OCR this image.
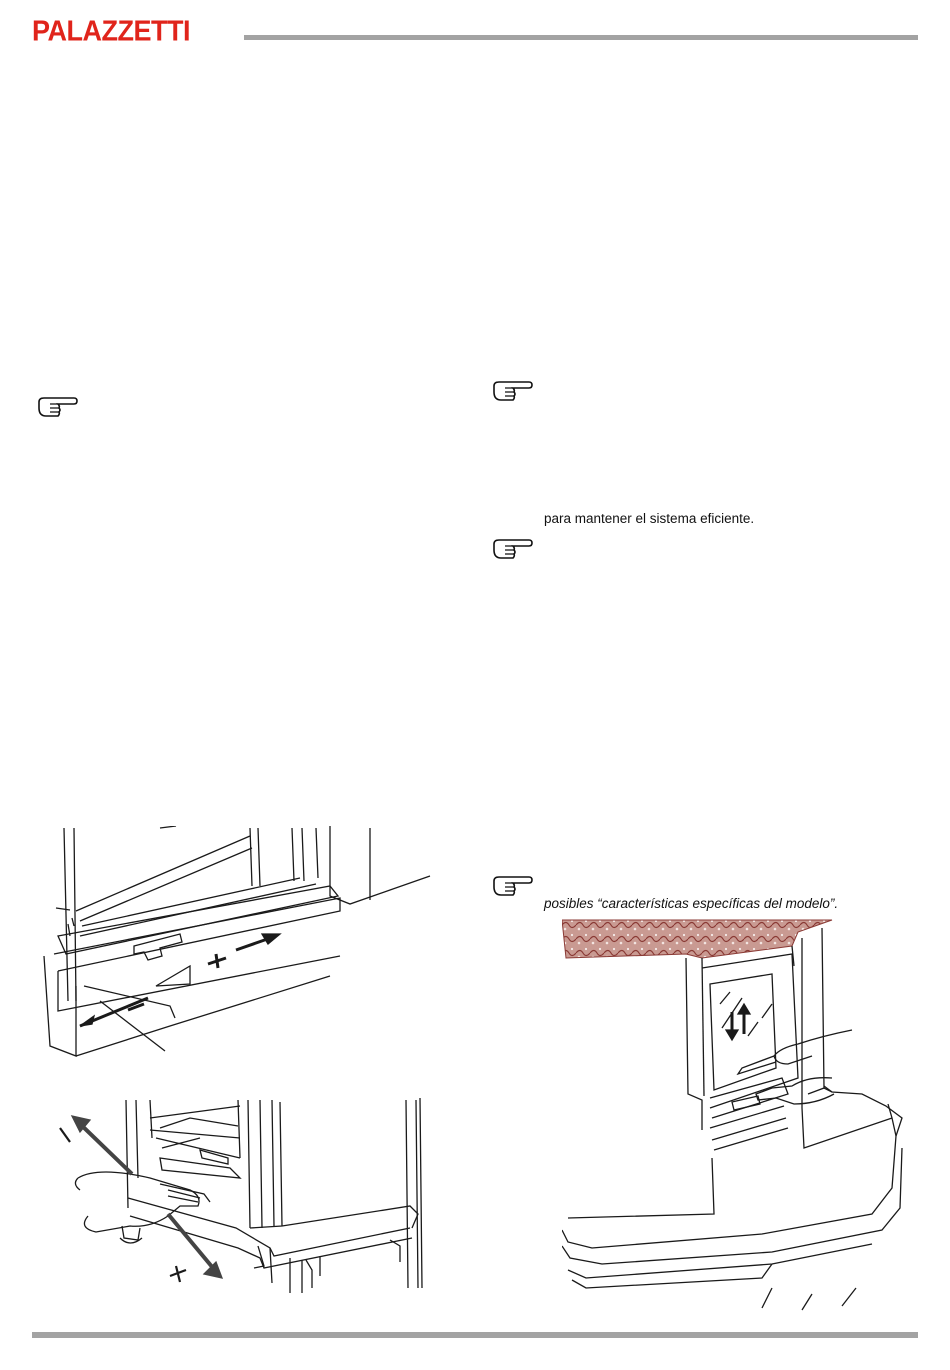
PALAZZETTI
para mantener el sistema eficiente.
posibles “características específicas del modelo”.
